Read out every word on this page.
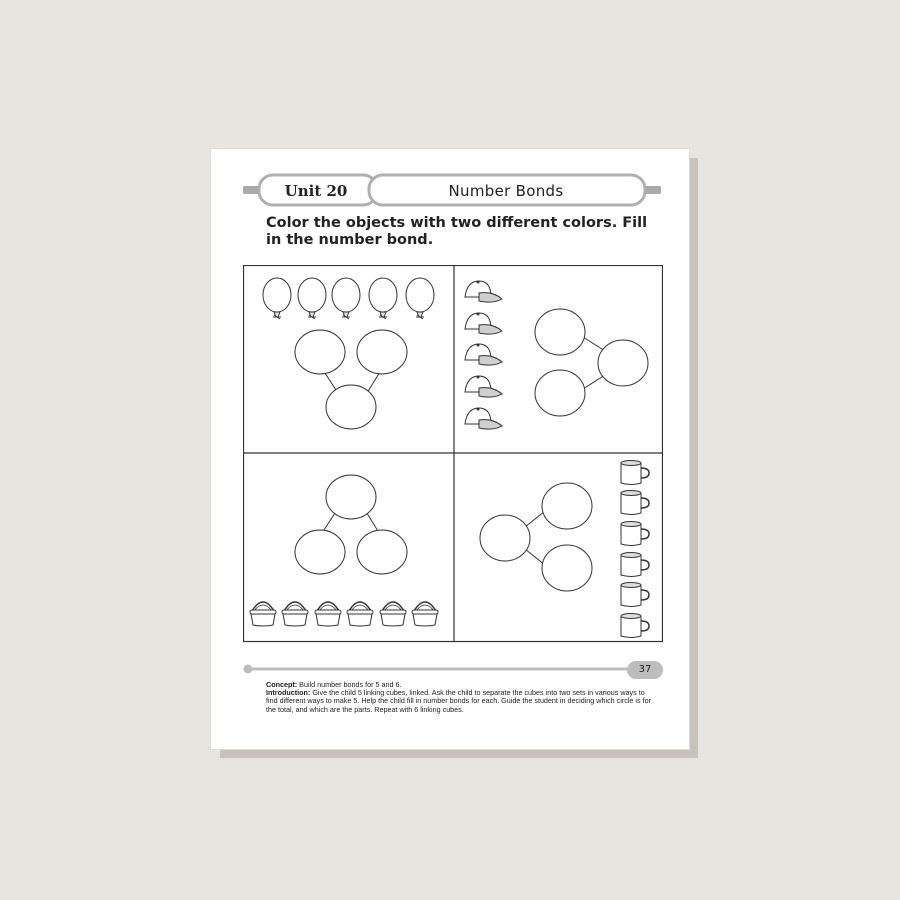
Unit 20	Number Bonds
Color the objects with two different colors. Fill in the number bond.
37
Concept: Build number bonds for 5 and 6.
Introduction: Give the child 5 linking cubes, linked. Ask the child to separate the cubes into two sets in various ways to find different ways to make 5. Help the child fill in number bonds for each. Guide the student in deciding which circle is for the total, and which are the parts. Repeat with 6 linking cubes.
